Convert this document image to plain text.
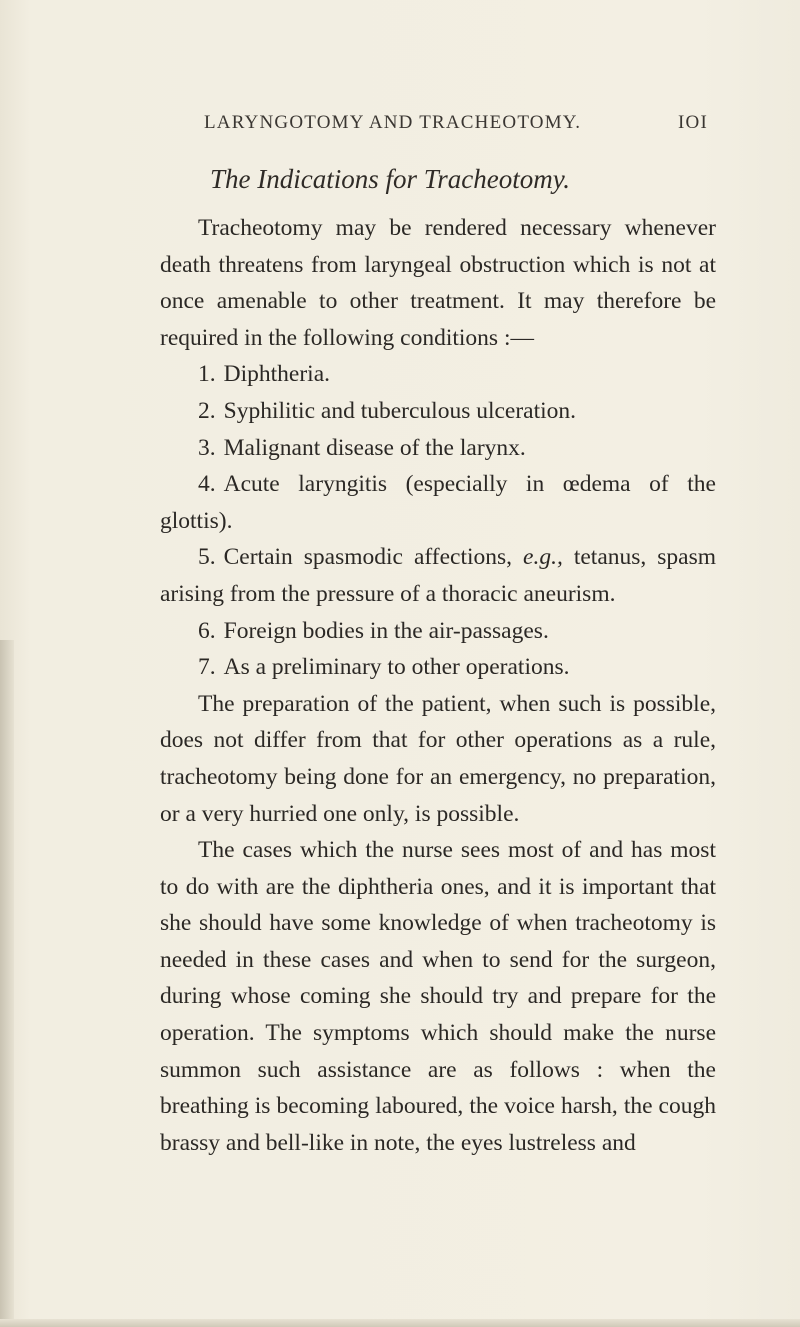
LARYNGOTOMY AND TRACHEOTOMY.	IOI
The Indications for Tracheotomy.

Tracheotomy may be rendered necessary whenever death threatens from laryngeal obstruction which is not at once amenable to other treatment. It may therefore be required in the following conditions :—

1. Diphtheria.

2. Syphilitic and tuberculous ulceration.

3. Malignant disease of the larynx.

4. Acute laryngitis (especially in œdema of the glottis).

5. Certain spasmodic affections, e.g., tetanus, spasm arising from the pressure of a thoracic aneurism.

6. Foreign bodies in the air-passages.

7. As a preliminary to other operations.

The preparation of the patient, when such is possible, does not differ from that for other operations as a rule, tracheotomy being done for an emergency, no preparation, or a very hurried one only, is possible.

The cases which the nurse sees most of and has most to do with are the diphtheria ones, and it is important that she should have some knowledge of when tracheotomy is needed in these cases and when to send for the surgeon, during whose coming she should try and prepare for the operation. The symptoms which should make the nurse summon such assistance are as follows : when the breathing is becoming laboured, the voice harsh, the cough brassy and bell-like in note, the eyes lustreless and
